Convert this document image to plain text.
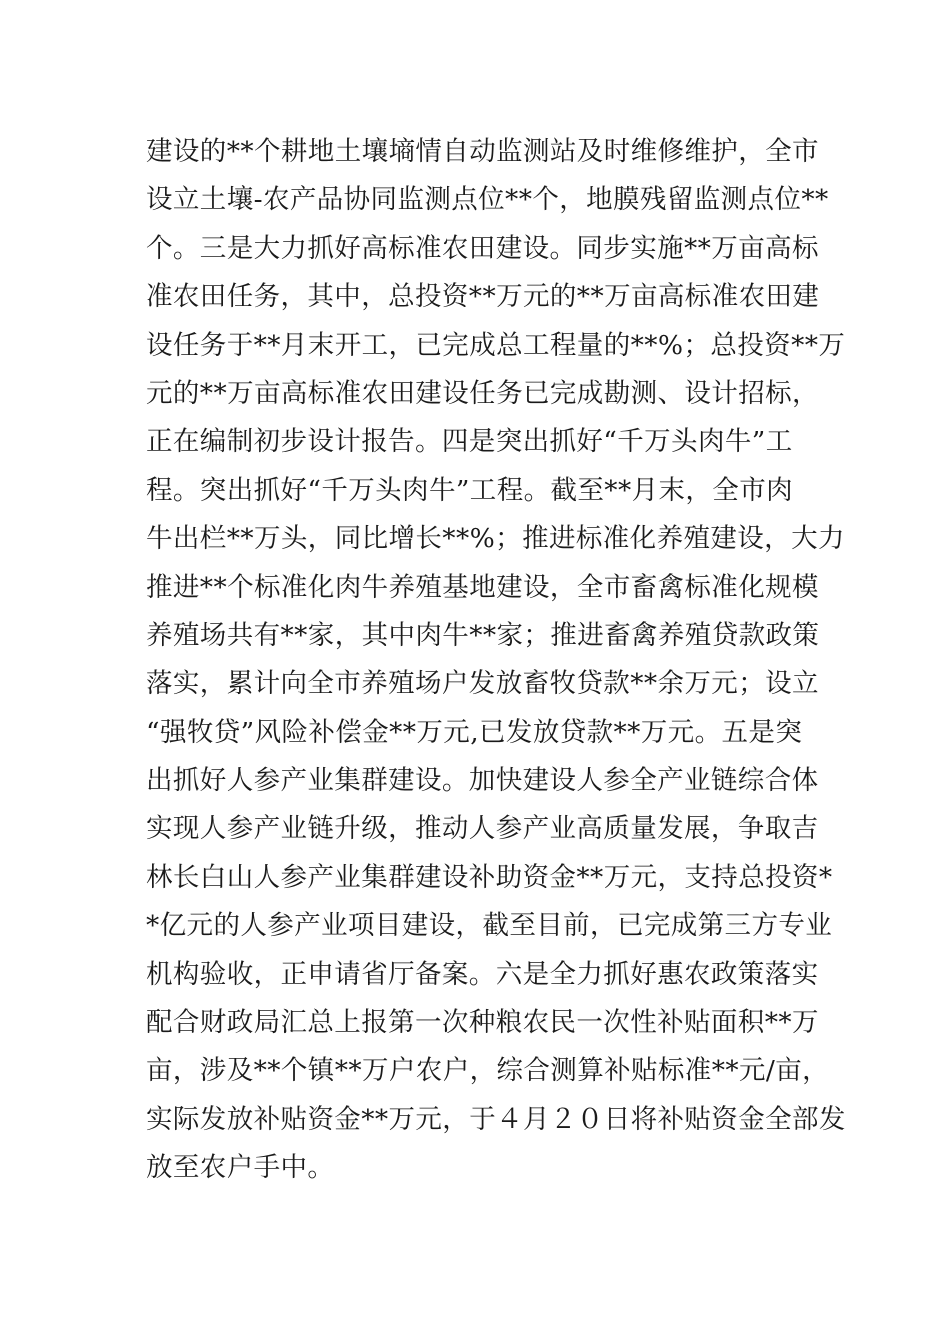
建设的**个耕地土壤墒情自动监测站及时维修维护，全市
设立土壤-农产品协同监测点位**个，地膜残留监测点位**
个。三是大力抓好高标准农田建设。同步实施**万亩高标
准农田任务，其中，总投资**万元的**万亩高标准农田建
设任务于**月末开工，已完成总工程量的**%；总投资**万
元的**万亩高标准农田建设任务已完成勘测、设计招标，
正在编制初步设计报告。四是突出抓好“千万头肉牛”工
程。突出抓好“千万头肉牛”工程。截至**月末，全市肉
牛出栏**万头，同比增长**%；推进标准化养殖建设，大力
推进**个标准化肉牛养殖基地建设，全市畜禽标准化规模
养殖场共有**家，其中肉牛**家；推进畜禽养殖贷款政策
落实，累计向全市养殖场户发放畜牧贷款**余万元；设立
“强牧贷”风险补偿金**万元,已发放贷款**万元。五是突
出抓好人参产业集群建设。加快建设人参全产业链综合体
实现人参产业链升级，推动人参产业高质量发展，争取吉
林长白山人参产业集群建设补助资金**万元，支持总投资*
*亿元的人参产业项目建设，截至目前，已完成第三方专业
机构验收，正申请省厅备案。六是全力抓好惠农政策落实
配合财政局汇总上报第一次种粮农民一次性补贴面积**万
亩，涉及**个镇**万户农户，综合测算补贴标准**元/亩，
实际发放补贴资金**万元，于４月２０日将补贴资金全部发
放至农户手中。
